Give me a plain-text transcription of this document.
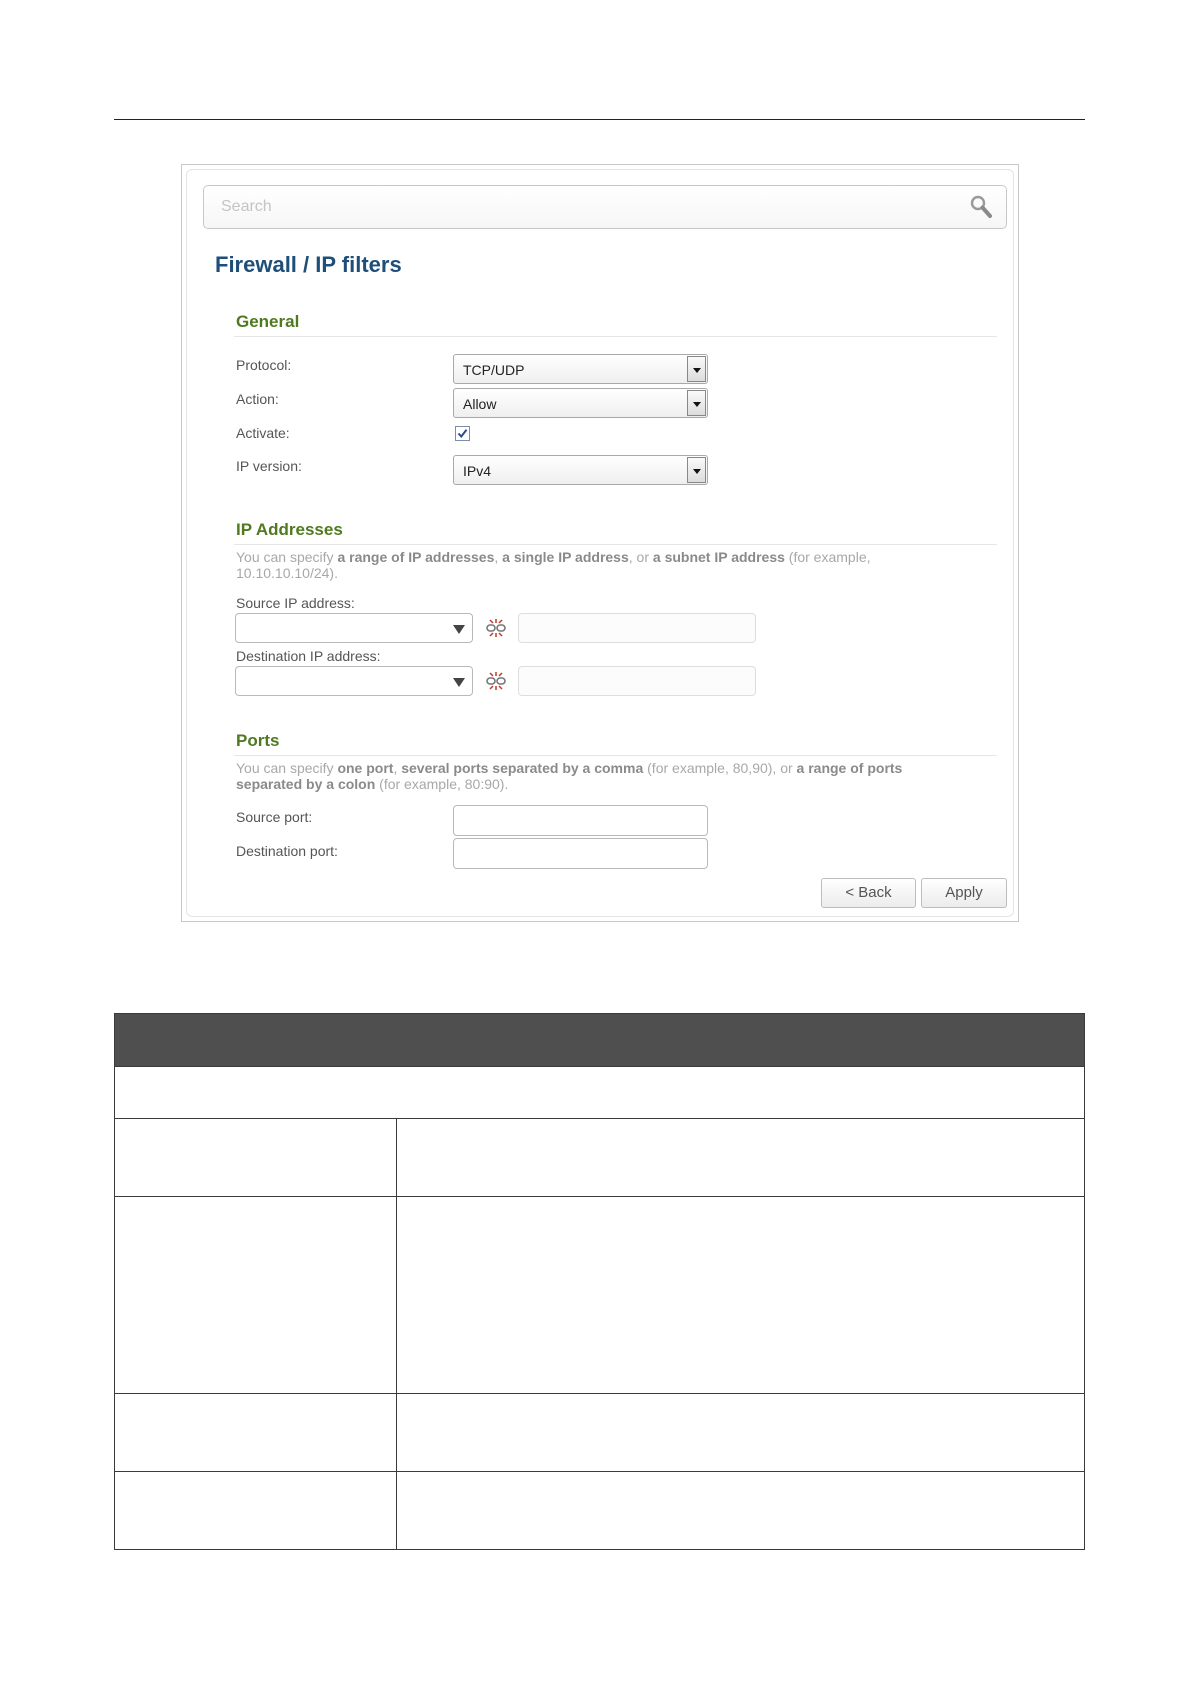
Search
Firewall / IP filters
General
Protocol:	TCP/UDP
Action:	Allow
Activate:
IP version:	IPv4
IP Addresses
You can specify a range of IP addresses, a single IP address, or a subnet IP address (for example,
10.10.10.10/24).
Source IP address:
Destination IP address:
Ports
You can specify one port, several ports separated by a comma (for example, 80,90), or a range of ports
separated by a colon (for example, 80:90).
Source port:
Destination port:
< Back	Apply
